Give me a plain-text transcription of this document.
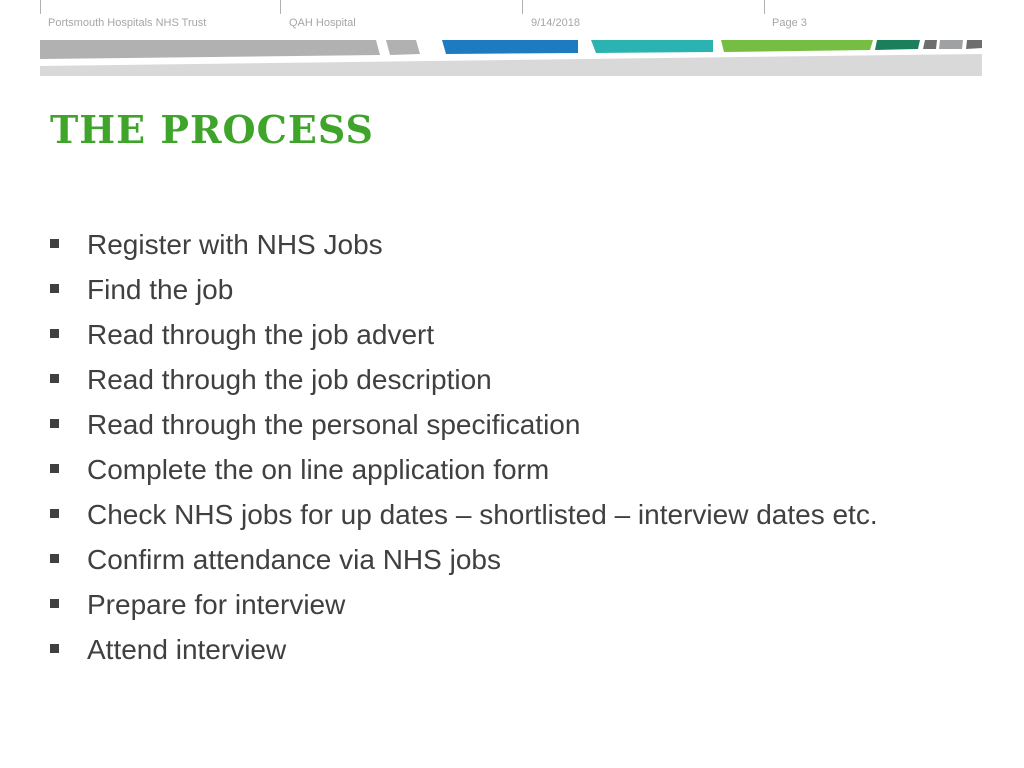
Portsmouth Hospitals NHS Trust	QAH Hospital	9/14/2018	Page 3
THE PROCESS
Register with NHS Jobs
Find the job
Read through the job advert
Read through the job description
Read through the personal specification
Complete the on line application form
Check NHS jobs for up dates – shortlisted – interview dates etc.
Confirm attendance via NHS jobs
Prepare for interview
Attend interview
